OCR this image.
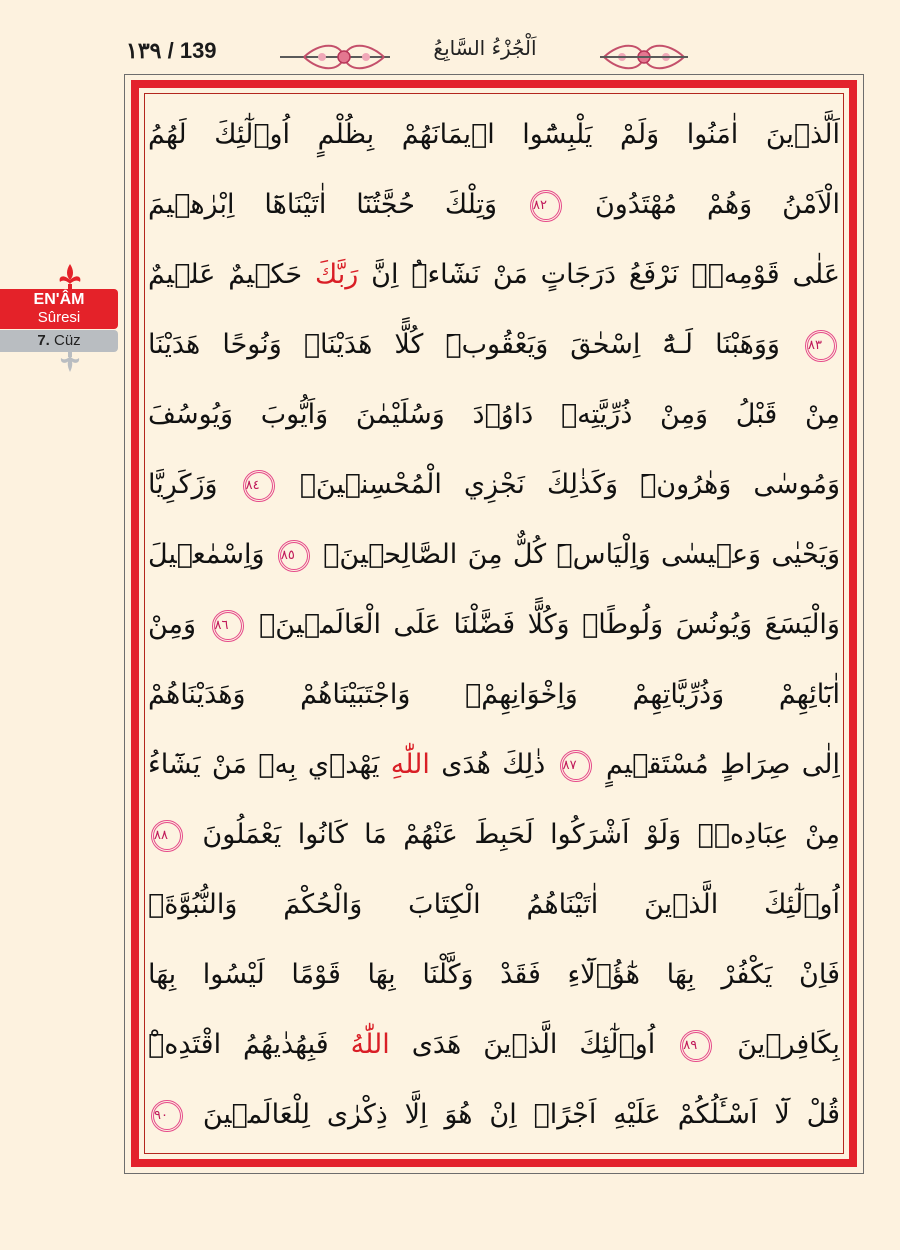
١٣٩ / 139	اَلْجُزْءُ السَّابِعُ
EN'ÂM
Sûresi
7. Cüz
اَلَّذ۪ينَ اٰمَنُوا وَلَمْ يَلْبِسُٓوا ا۪يمَانَهُمْ بِظُلْمٍ اُو۬لٰٓئِكَ لَهُمُ
الْاَمْنُ وَهُمْ مُهْتَدُونَ ٨٢ وَتِلْكَ حُجَّتُنَٓا اٰتَيْنَاهَٓا اِبْرٰه۪يمَ
عَلٰى قَوْمِه۪ۜ نَرْفَعُ دَرَجَاتٍ مَنْ نَشَٓاءُۜ اِنَّ رَبَّكَ حَك۪يمٌ عَل۪يمٌ
٨٣ وَوَهَبْنَا لَـهُٓ اِسْحٰقَ وَيَعْقُوبَۜ كُلًّا هَدَيْنَاۚ وَنُوحًا هَدَيْنَا
مِنْ قَبْلُ وَمِنْ ذُرِّيَّتِه۪ دَاوُ۫دَ وَسُلَيْمٰنَ وَاَيُّوبَ وَيُوسُفَ
وَمُوسٰى وَهٰرُونَۜ وَكَذٰلِكَ نَجْزِي الْمُحْسِن۪ينَۙ ٨٤ وَزَكَرِيَّا
وَيَحْيٰى وَع۪يسٰى وَاِلْيَاسَۜ كُلٌّ مِنَ الصَّالِح۪ينَۙ ٨٥ وَاِسْمٰع۪يلَ
وَالْيَسَعَ وَيُونُسَ وَلُوطًاۜ وَكُلًّا فَضَّلْنَا عَلَى الْعَالَم۪ينَۙ ٨٦ وَمِنْ
اٰبَٓائِهِمْ وَذُرِّيَّاتِهِمْ وَاِخْوَانِهِمْۚ وَاجْتَبَيْنَاهُمْ وَهَدَيْنَاهُمْ
اِلٰى صِرَاطٍ مُسْتَق۪يمٍ ٨٧ ذٰلِكَ هُدَى اللّٰهِ يَهْد۪ي بِه۪ مَنْ يَشَٓاءُ
مِنْ عِبَادِه۪ۜ وَلَوْ اَشْرَكُوا لَحَبِطَ عَنْهُمْ مَا كَانُوا يَعْمَلُونَ ٨٨
اُو۬لٰٓئِكَ الَّذ۪ينَ اٰتَيْنَاهُمُ الْكِتَابَ وَالْحُكْمَ وَالنُّبُوَّةَۚ
فَاِنْ يَكْفُرْ بِهَا هٰٓؤُ۬لَٓاءِ فَقَدْ وَكَّلْنَا بِهَا قَوْمًا لَيْسُوا بِهَا
بِكَافِر۪ينَ ٨٩ اُو۬لٰٓئِكَ الَّذ۪ينَ هَدَى اللّٰهُ فَبِهُدٰيهُمُ اقْتَدِهْۜ
قُلْ لَٓا اَسْـَٔلُكُمْ عَلَيْهِ اَجْرًاۜ اِنْ هُوَ اِلَّا ذِكْرٰى لِلْعَالَم۪ينَ ٩٠
